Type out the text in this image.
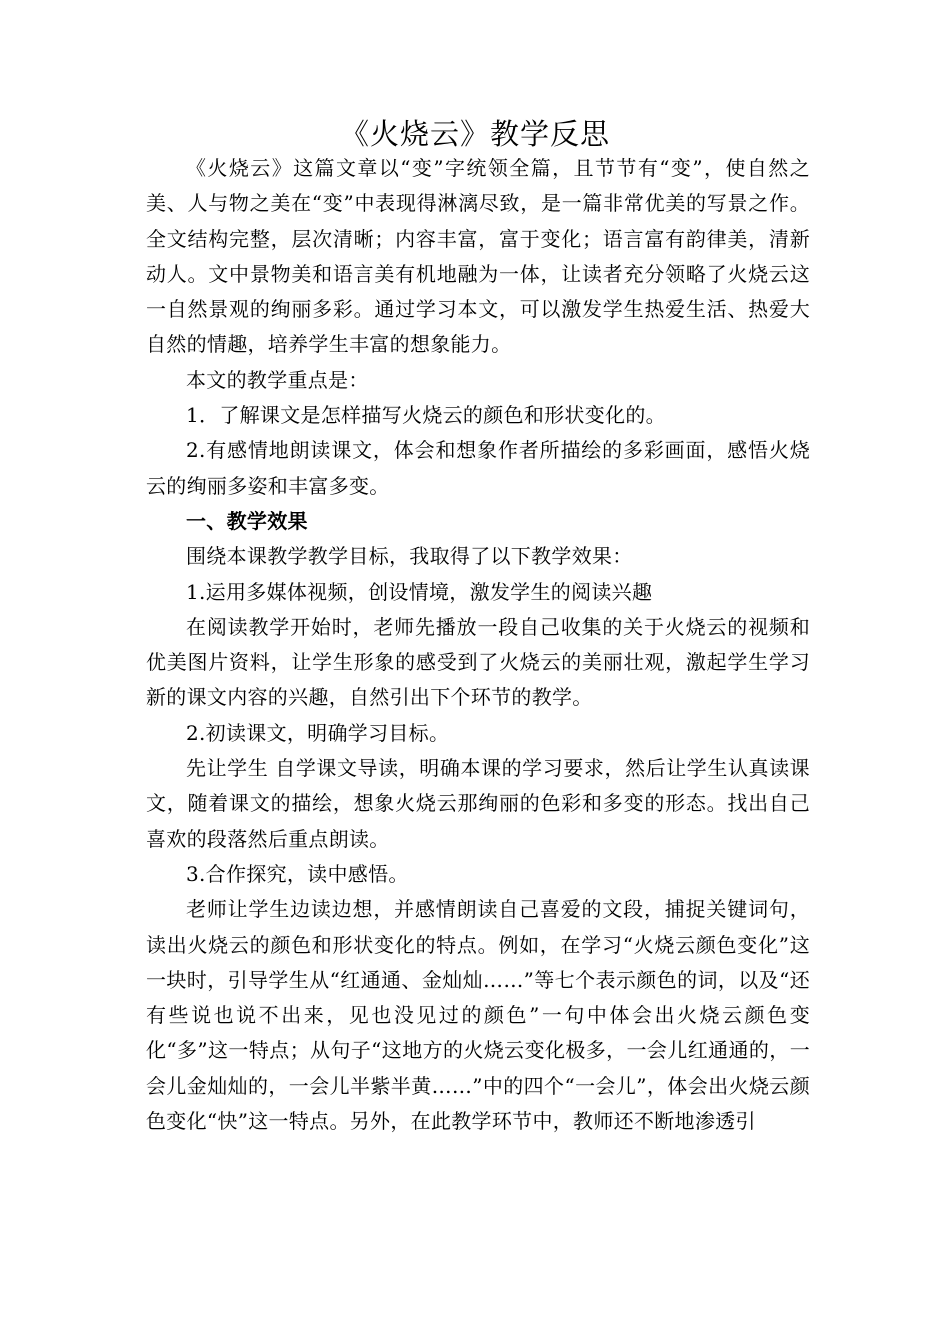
《火烧云》教学反思

《火烧云》这篇文章以“变”字统领全篇，且节节有“变”，使自然之美、人与物之美在“变”中表现得淋漓尽致，是一篇非常优美的写景之作。全文结构完整，层次清晰；内容丰富，富于变化；语言富有韵律美，清新动人。文中景物美和语言美有机地融为一体，让读者充分领略了火烧云这一自然景观的绚丽多彩。通过学习本文，可以激发学生热爱生活、热爱大自然的情趣，培养学生丰富的想象能力。

本文的教学重点是：

1．了解课文是怎样描写火烧云的颜色和形状变化的。

2.有感情地朗读课文，体会和想象作者所描绘的多彩画面，感悟火烧云的绚丽多姿和丰富多变。

一、教学效果

围绕本课教学教学目标，我取得了以下教学效果：

1.运用多媒体视频，创设情境，激发学生的阅读兴趣

在阅读教学开始时，老师先播放一段自己收集的关于火烧云的视频和优美图片资料，让学生形象的感受到了火烧云的美丽壮观，激起学生学习新的课文内容的兴趣，自然引出下个环节的教学。

2.初读课文，明确学习目标。

先让学生 自学课文导读，明确本课的学习要求，然后让学生认真读课文，随着课文的描绘，想象火烧云那绚丽的色彩和多变的形态。找出自己喜欢的段落然后重点朗读。

3.合作探究，读中感悟。

老师让学生边读边想，并感情朗读自己喜爱的文段，捕捉关键词句，读出火烧云的颜色和形状变化的特点。例如，在学习“火烧云颜色变化”这一块时，引导学生从“红通通、金灿灿……”等七个表示颜色的词，以及“还有些说也说不出来，见也没见过的颜色”一句中体会出火烧云颜色变化“多”这一特点；从句子“这地方的火烧云变化极多，一会儿红通通的，一会儿金灿灿的，一会儿半紫半黄……”中的四个“一会儿”，体会出火烧云颜色变化“快”这一特点。另外，在此教学环节中，教师还不断地渗透引
